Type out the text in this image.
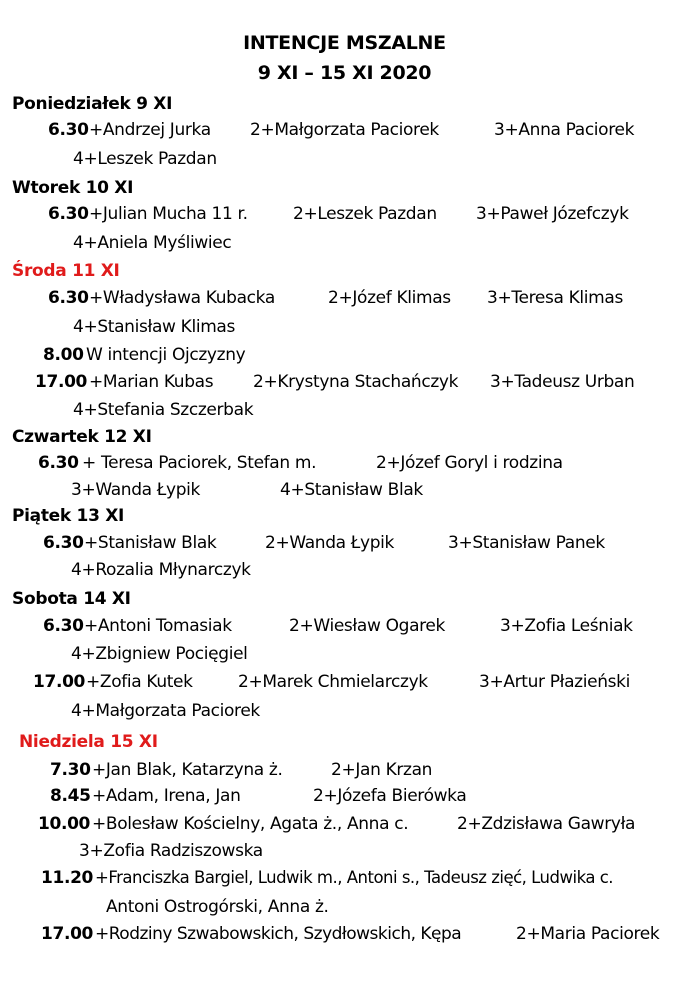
INTENCJE MSZALNE
9 XI – 15 XI 2020
Poniedziałek 9 XI
6.30 +Andrzej Jurka 2+Małgorzata Paciorek	3+Anna Paciorek
4+Leszek Pazdan
Wtorek 10 XI
6.30 +Julian Mucha 11 r.	2+Leszek Pazdan 3+Paweł Józefczyk
4+Aniela Myśliwiec
Środa 11 XI
6.30 +Władysława Kubacka	2+Józef Klimas 3+Teresa Klimas
4+Stanisław Klimas
8.00 W intencji Ojczyzny
17.00 +Marian Kubas 2+Krystyna Stachańczyk 3+Tadeusz Urban
4+Stefania Szczerbak
Czwartek 12 XI
6.30 + Teresa Paciorek, Stefan m.	2+Józef Goryl i rodzina
3+Wanda Łypik	4+Stanisław Blak
Piątek 13 XI
6.30 +Stanisław Blak	2+Wanda Łypik	3+Stanisław Panek
4+Rozalia Młynarczyk
Sobota 14 XI
6.30 +Antoni Tomasiak	2+Wiesław Ogarek	3+Zofia Leśniak
4+Zbigniew Pocięgiel
17.00 +Zofia Kutek	2+Marek Chmielarczyk	3+Artur Płazieński
4+Małgorzata Paciorek
Niedziela 15 XI
7.30 +Jan Blak, Katarzyna ż.	2+Jan Krzan
8.45 +Adam, Irena, Jan	2+Józefa Bierówka
10.00 +Bolesław Kościelny, Agata ż., Anna c.	2+Zdzisława Gawryła
3+Zofia Radziszowska
11.20 +Franciszka Bargiel, Ludwik m., Antoni s., Tadeusz zięć, Ludwika c.
Antoni Ostrogórski, Anna ż.
17.00 +Rodziny Szwabowskich, Szydłowskich, Kępa	2+Maria Paciorek
